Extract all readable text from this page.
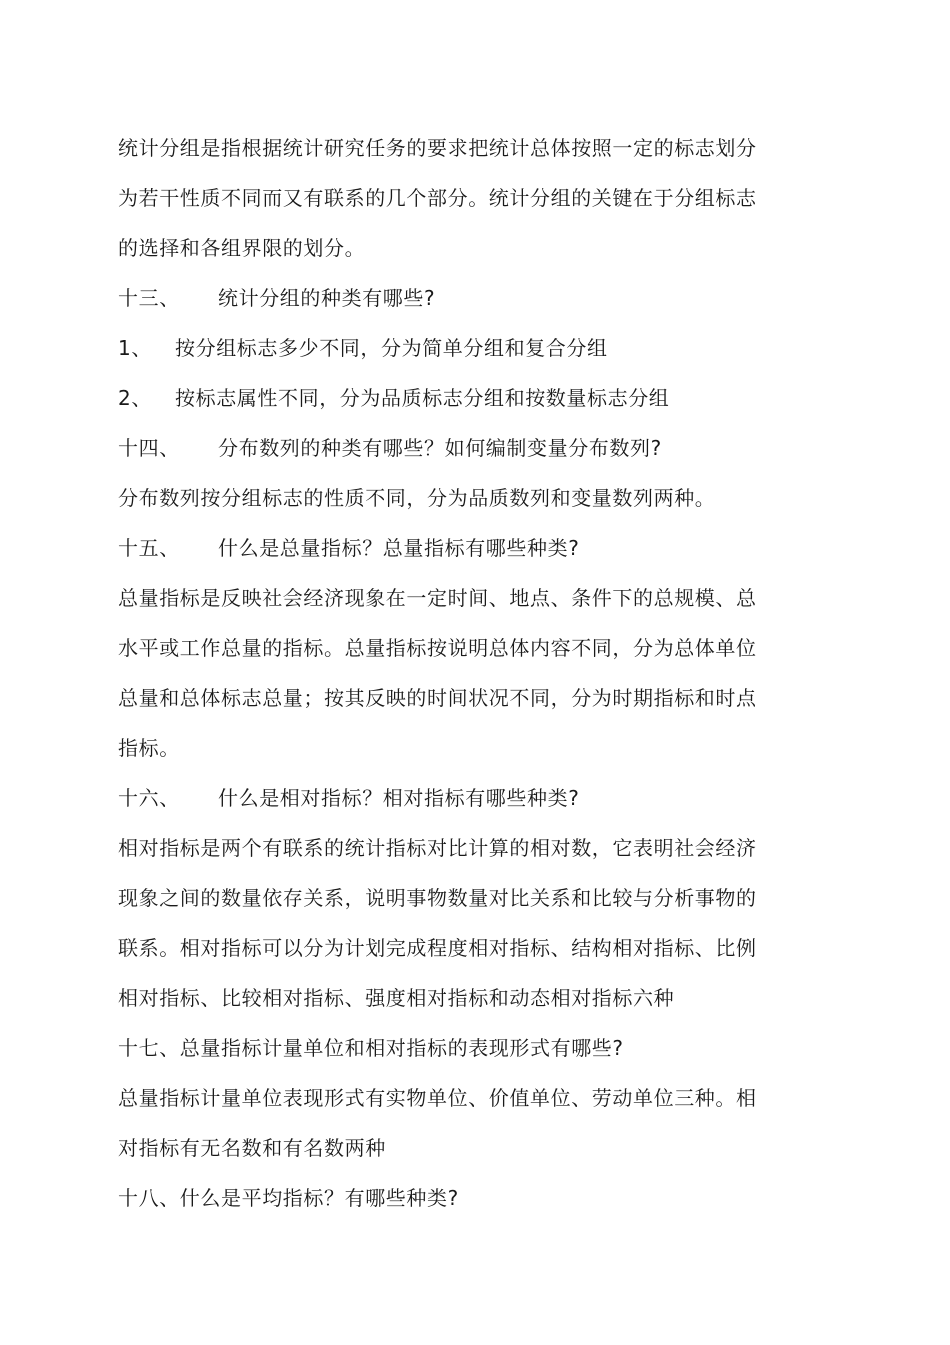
统计分组是指根据统计研究任务的要求把统计总体按照一定的标志划分
为若干性质不同而又有联系的几个部分。统计分组的关键在于分组标志
的选择和各组界限的划分。
十三、 统计分组的种类有哪些?
1、 按分组标志多少不同，分为简单分组和复合分组
2、 按标志属性不同，分为品质标志分组和按数量标志分组
十四、 分布数列的种类有哪些？如何编制变量分布数列?
分布数列按分组标志的性质不同，分为品质数列和变量数列两种。
十五、 什么是总量指标？总量指标有哪些种类?
总量指标是反映社会经济现象在一定时间、地点、条件下的总规模、总
水平或工作总量的指标。总量指标按说明总体内容不同，分为总体单位
总量和总体标志总量；按其反映的时间状况不同，分为时期指标和时点
指标。
十六、 什么是相对指标？相对指标有哪些种类?
相对指标是两个有联系的统计指标对比计算的相对数，它表明社会经济
现象之间的数量依存关系，说明事物数量对比关系和比较与分析事物的
联系。相对指标可以分为计划完成程度相对指标、结构相对指标、比例
相对指标、比较相对指标、强度相对指标和动态相对指标六种
十七、总量指标计量单位和相对指标的表现形式有哪些?
总量指标计量单位表现形式有实物单位、价值单位、劳动单位三种。相
对指标有无名数和有名数两种
十八、什么是平均指标？有哪些种类?
